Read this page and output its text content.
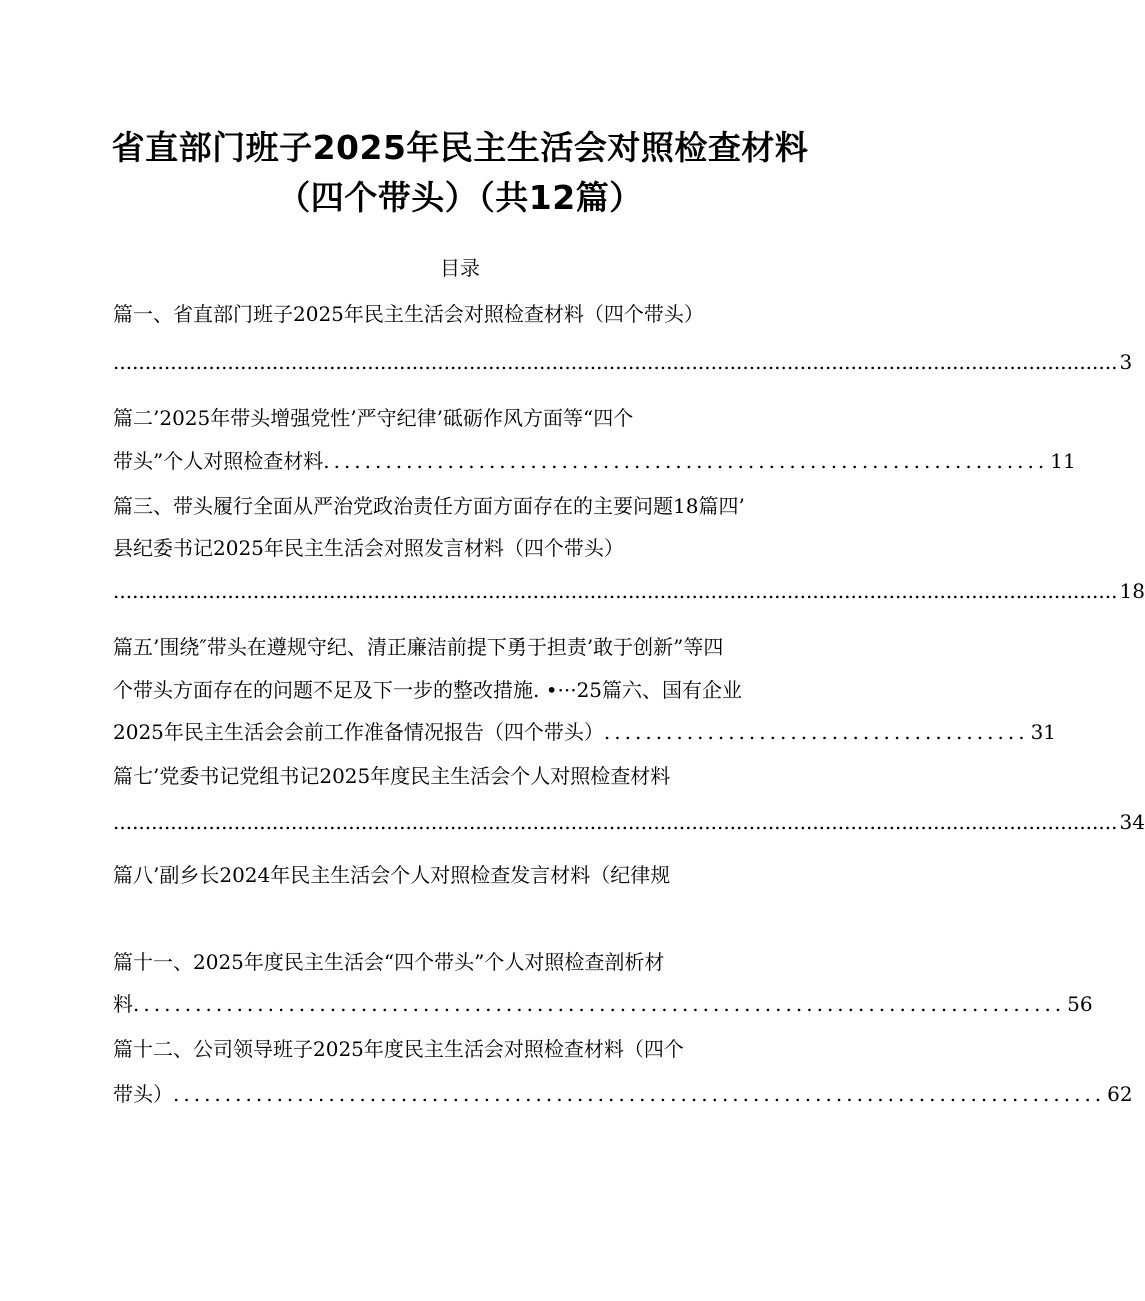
省直部门班子2025年民主生活会对照检查材料
（四个带头）（共12篇）
目录
篇一、省直部门班子2025年民主生活会对照检查材料（四个带头）
.............................................................................................................................................................. 3
篇二’2025年带头增强党性’严守纪律’砥砺作风方面等“四个
带头”个人对照检查材料 ...................................................................... 11
篇三、带头履行全面从严治党政治责任方面方面存在的主要问题18篇四’
县纪委书记2025年民主生活会对照发言材料（四个带头）
.............................................................................................................................................................. 18
篇五’围绕″带头在遵规守纪、清正廉洁前提下勇于担责’敢于创新”等四
个带头方面存在的问题不足及下一步的整改措施. •···25篇六、国有企业
2025年民主生活会会前工作准备情况报告（四个带头） ......................................... 31
篇七’党委书记党组书记2025年度民主生活会个人对照检查材料
.............................................................................................................................................................. 34
篇八’副乡长2024年民主生活会个人对照检查发言材料（纪律规
篇十一、2025年度民主生活会“四个带头”个人对照检查剖析材
料 .......................................................................................... 56
篇十二、公司领导班子2025年度民主生活会对照检查材料（四个
带头） .......................................................................................... 62
